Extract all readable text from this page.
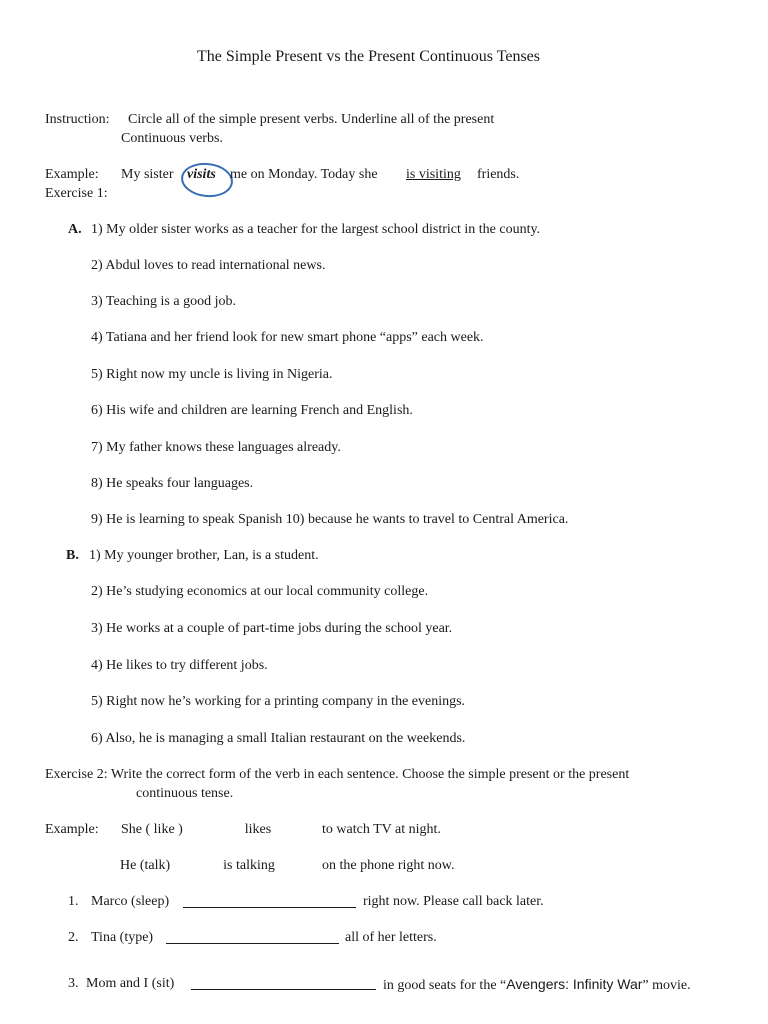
The Simple Present vs the Present Continuous Tenses
Instruction: Circle all of the simple present verbs. Underline all of the present
Continuous verbs.
Example: My sister visits me on Monday. Today she is visiting friends.
Exercise 1:
A. 1) My older sister works as a teacher for the largest school district in the county.
2) Abdul loves to read international news.
3) Teaching is a good job.
4) Tatiana and her friend look for new smart phone “apps” each week.
5) Right now my uncle is living in Nigeria.
6) His wife and children are learning French and English.
7) My father knows these languages already.
8) He speaks four languages.
9) He is learning to speak Spanish 10) because he wants to travel to Central America.
B. 1) My younger brother, Lan, is a student.
2) He’s studying economics at our local community college.
3) He works at a couple of part-time jobs during the school year.
4) He likes to try different jobs.
5) Right now he’s working for a printing company in the evenings.
6) Also, he is managing a small Italian restaurant on the weekends.
Exercise 2: Write the correct form of the verb in each sentence. Choose the simple present or the present
continuous tense.
Example: She ( like )	likes	to watch TV at night.
He (talk)	is talking	on the phone right now.
1. Marco (sleep)	right now. Please call back later.
2. Tina (type)	all of her letters.
3. Mom and I (sit)	in good seats for the “Avengers: Infinity War” movie.
